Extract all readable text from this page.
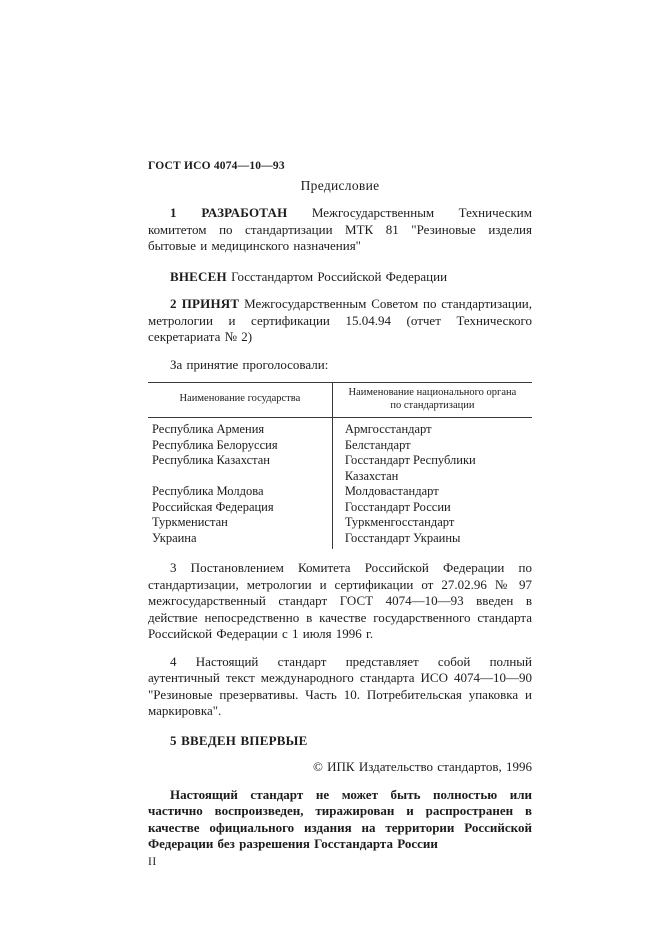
ГОСТ ИСО 4074—10—93
Предисловие

1 РАЗРАБОТАН Межгосударственным Техническим комитетом по стандартизации МТК 81 "Резиновые изделия бытовые и медицинского назначения"

ВНЕСЕН Госстандартом Российской Федерации

2 ПРИНЯТ Межгосударственным Советом по стандартизации, метрологии и сертификации 15.04.94 (отчет Технического секретариата № 2)

За принятие проголосовали:

Наименование государства	Наименование национального органа по стандартизации
Республика Армения	Армгосстандарт
Республика Белоруссия	Белстандарт
Республика Казахстан	Госстандарт Республики Казахстан
Республика Молдова	Молдовастандарт
Российская Федерация	Госстандарт России
Туркменистан	Туркменгосстандарт
Украина	Госстандарт Украины

3 Постановлением Комитета Российской Федерации по стандартизации, метрологии и сертификации от 27.02.96 № 97 межгосударственный стандарт ГОСТ 4074—10—93 введен в действие непосредственно в качестве государственного стандарта Российской Федерации с 1 июля 1996 г.

4 Настоящий стандарт представляет собой полный аутентичный текст международного стандарта ИСО 4074—10—90 "Резиновые презервативы. Часть 10. Потребительская упаковка и маркировка".

5 ВВЕДЕН ВПЕРВЫЕ

© ИПК Издательство стандартов, 1996

Настоящий стандарт не может быть полностью или частично воспроизведен, тиражирован и распространен в качестве официального издания на территории Российской Федерации без разрешения Госстандарта России

II
